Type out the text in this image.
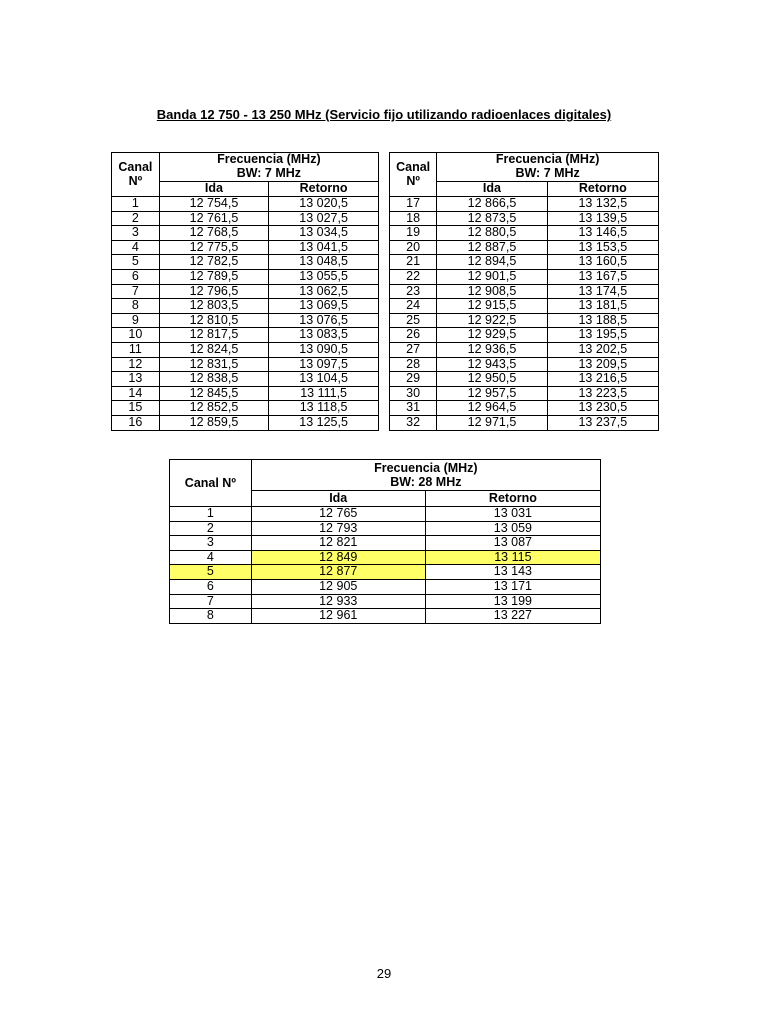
Banda 12 750 - 13 250 MHz (Servicio fijo utilizando radioenlaces digitales)
Canal
Nº	Frecuencia (MHz)
BW: 7 MHz	
	Ida	Retorno
1	12 754,5	13 020,5
2	12 761,5	13 027,5
3	12 768,5	13 034,5
4	12 775,5	13 041,5
5	12 782,5	13 048,5
6	12 789,5	13 055,5
7	12 796,5	13 062,5
8	12 803,5	13 069,5
9	12 810,5	13 076,5
10	12 817,5	13 083,5
11	12 824,5	13 090,5
12	12 831,5	13 097,5
13	12 838,5	13 104,5
14	12 845,5	13 111,5
15	12 852,5	13 118,5
16	12 859,5	13 125,5
Canal
Nº	Frecuencia (MHz)
BW: 7 MHz	
	Ida	Retorno
17	12 866,5	13 132,5
18	12 873,5	13 139,5
19	12 880,5	13 146,5
20	12 887,5	13 153,5
21	12 894,5	13 160,5
22	12 901,5	13 167,5
23	12 908,5	13 174,5
24	12 915,5	13 181,5
25	12 922,5	13 188,5
26	12 929,5	13 195,5
27	12 936,5	13 202,5
28	12 943,5	13 209,5
29	12 950,5	13 216,5
30	12 957,5	13 223,5
31	12 964,5	13 230,5
32	12 971,5	13 237,5
Canal Nº	Frecuencia (MHz)
BW: 28 MHz	
	Ida	Retorno
1	12 765	13 031
2	12 793	13 059
3	12 821	13 087
4	12 849	13 115
5	12 877	13 143
6	12 905	13 171
7	12 933	13 199
8	12 961	13 227
29
